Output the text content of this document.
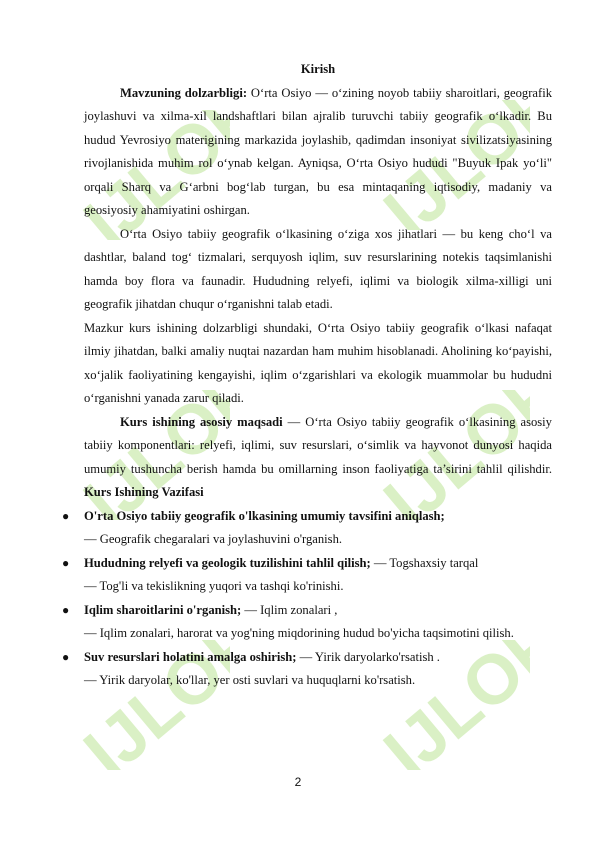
IJLOF IJLOF
IJLOF IJLOF
IJLOF IJLOF
Kirish

Mavzuning dolzarbligi: O‘rta Osiyo — o‘zining noyob tabiiy sharoitlari, geografik joylashuvi va xilma-xil landshaftlari bilan ajralib turuvchi tabiiy geografik o‘lkadir. Bu hudud Yevrosiyo materigining markazida joylashib, qadimdan insoniyat sivilizatsiyasining rivojlanishida muhim rol o‘ynab kelgan. Ayniqsa, O‘rta Osiyo hududi "Buyuk Ipak yo‘li" orqali Sharq va G‘arbni bog‘lab turgan, bu esa mintaqaning iqtisodiy, madaniy va geosiyosiy ahamiyatini oshirgan.

O‘rta Osiyo tabiiy geografik o‘lkasining o‘ziga xos jihatlari — bu keng cho‘l va dashtlar, baland tog‘ tizmalari, serquyosh iqlim, suv resurslarining notekis taqsimlanishi hamda boy flora va faunadir. Hududning relyefi, iqlimi va biologik xilma-xilligi uni geografik jihatdan chuqur o‘rganishni talab etadi.

Mazkur kurs ishining dolzarbligi shundaki, O‘rta Osiyo tabiiy geografik o‘lkasi nafaqat ilmiy jihatdan, balki amaliy nuqtai nazardan ham muhim hisoblanadi. Aholining ko‘payishi, xo‘jalik faoliyatining kengayishi, iqlim o‘zgarishlari va ekologik muammolar bu hududni o‘rganishni yanada zarur qiladi.

Kurs ishining asosiy maqsadi — O‘rta Osiyo tabiiy geografik o‘lkasining asosiy tabiiy komponentlari: relyefi, iqlimi, suv resurslari, o‘simlik va hayvonot dunyosi haqida umumiy tushuncha berish hamda bu omillarning inson faoliyatiga ta’sirini tahlil qilishdir. Kurs Ishining Vazifasi

● O'rta Osiyo tabiiy geografik o'lkasining umumiy tavsifini aniqlash;
— Geografik chegaralari va joylashuvini o'rganish.
● Hududning relyefi va geologik tuzilishini tahlil qilish; — Togshaxsiy tarqal
— Tog'li va tekislikning yuqori va tashqi ko'rinishi.
● Iqlim sharoitlarini o'rganish; — Iqlim zonalari ,
— Iqlim zonalari, harorat va yog'ning miqdorining hudud bo'yicha taqsimotini qilish.
● Suv resurslari holatini amalga oshirish; — Yirik daryolarko'rsatish .
— Yirik daryolar, ko'llar, yer osti suvlari va huquqlarni ko'rsatish.
2
